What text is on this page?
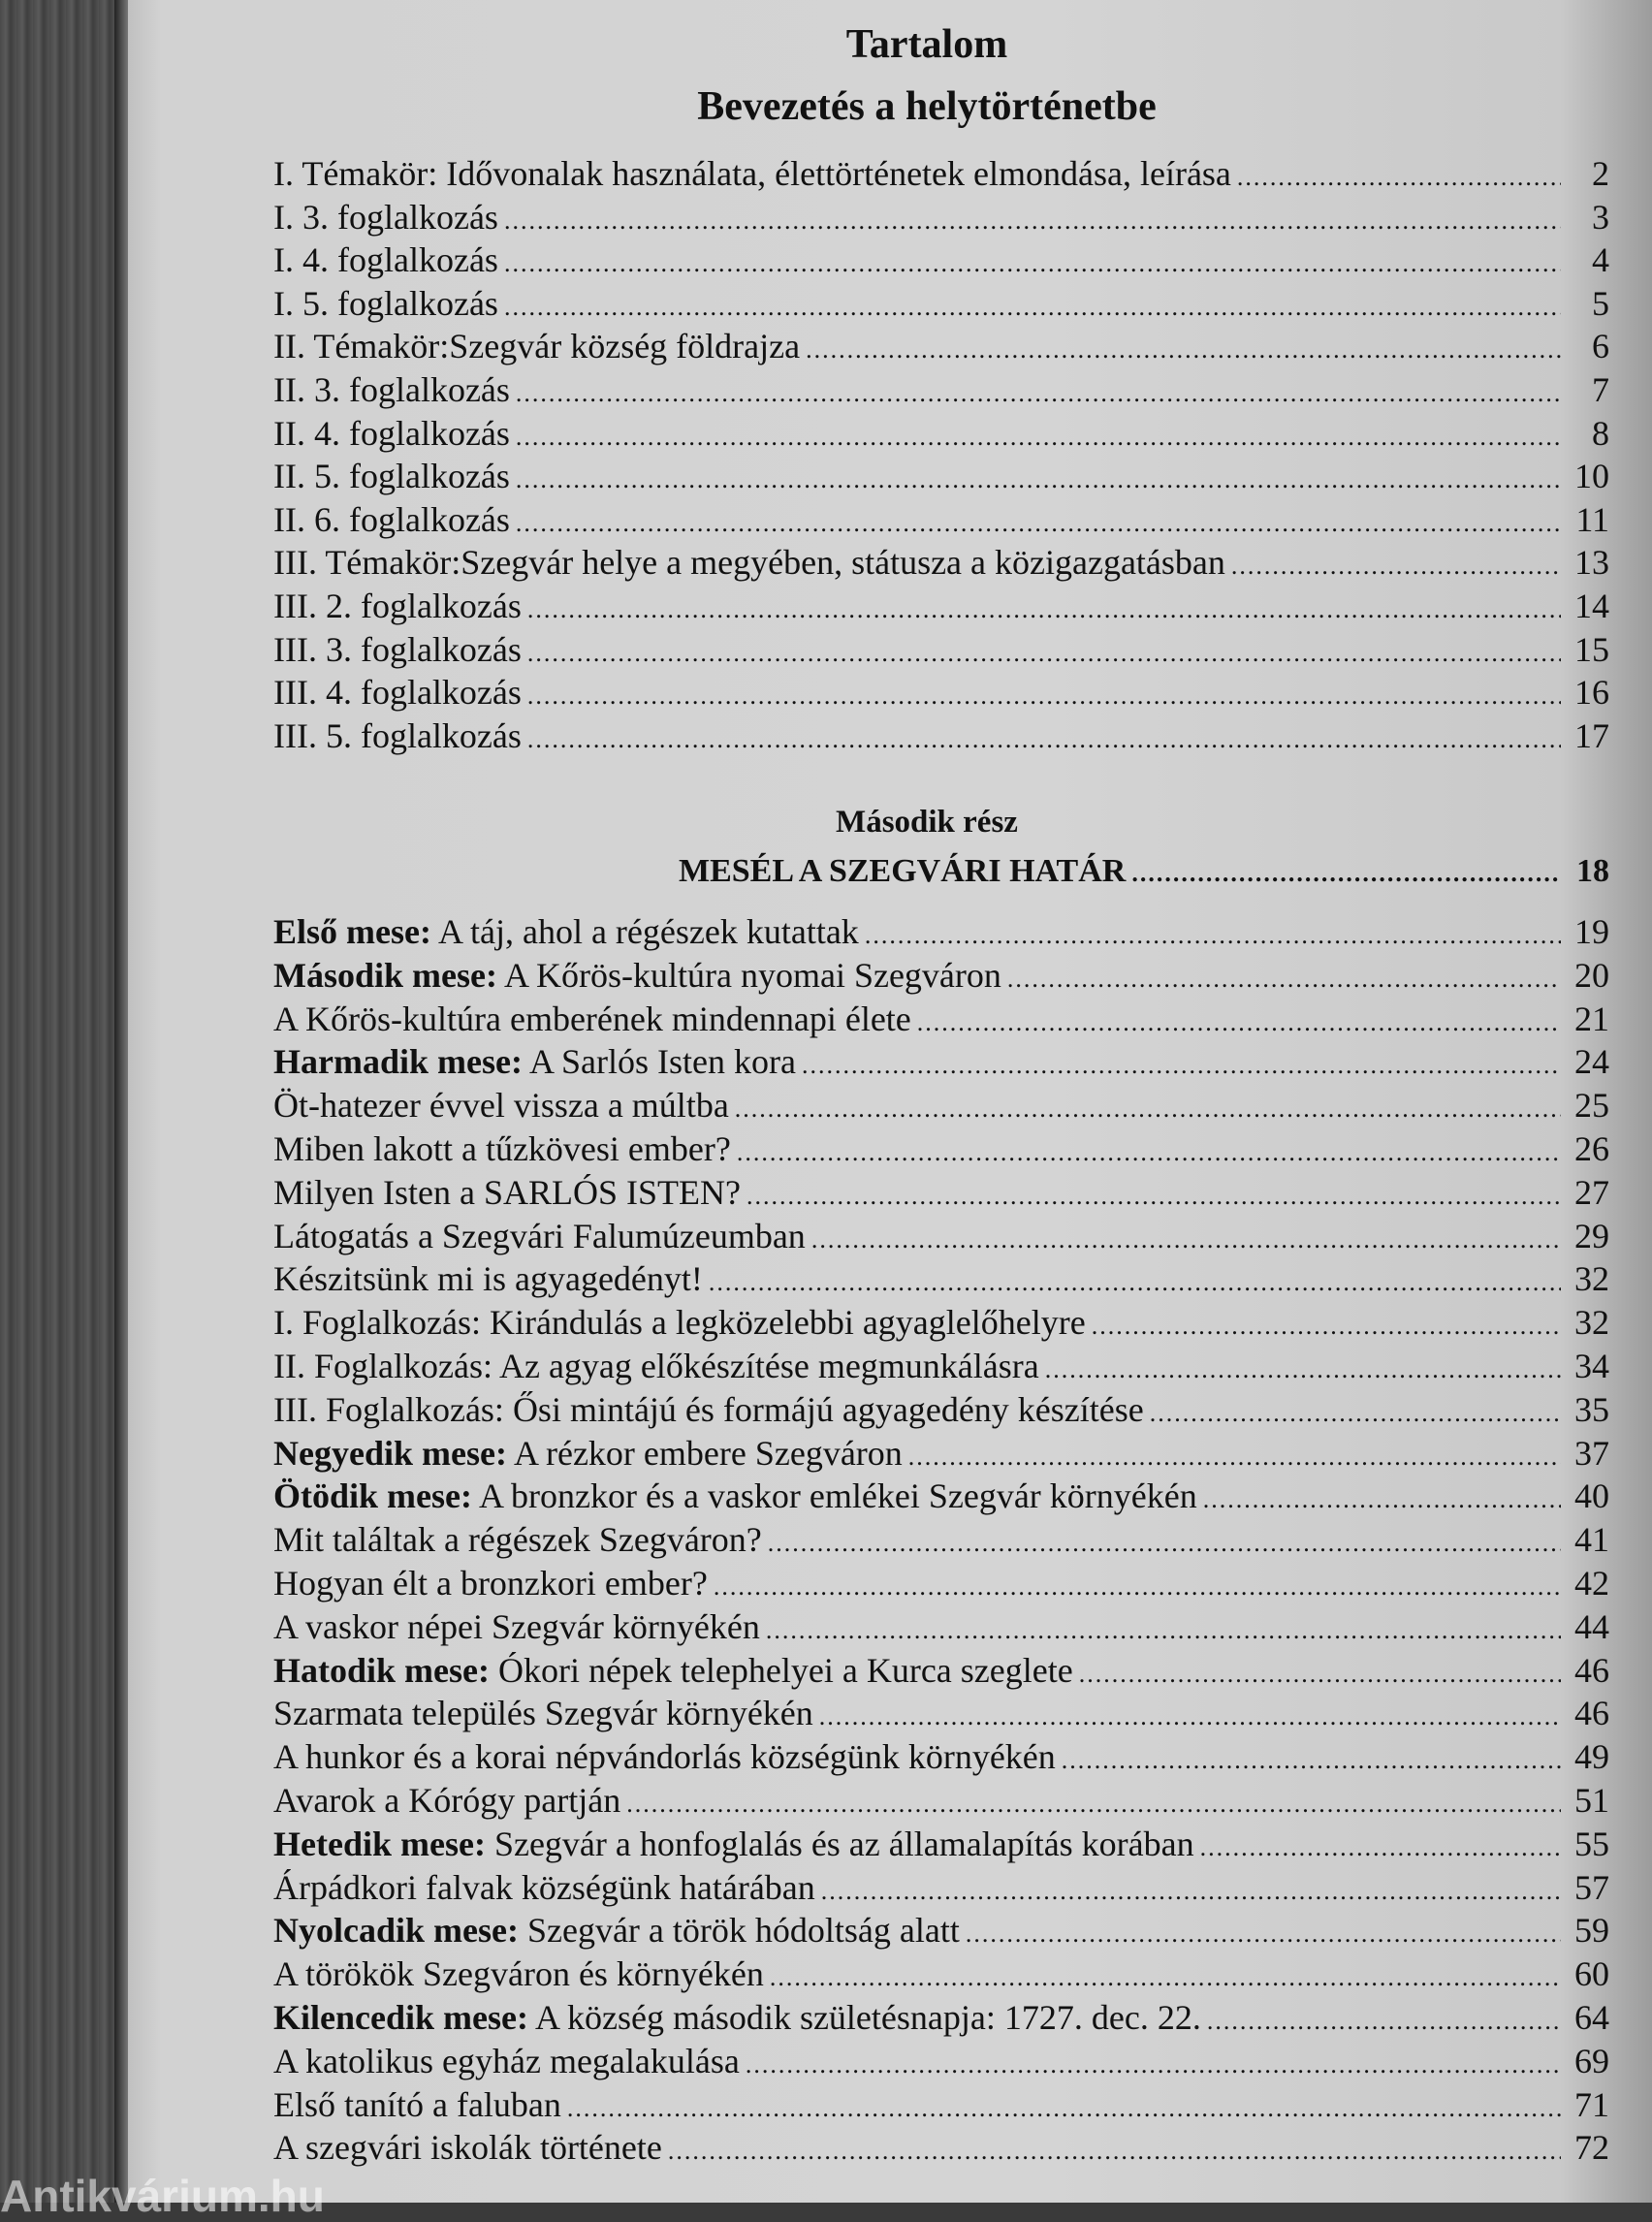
Tartalom
Bevezetés a helytörténetbe
Második rész
MESÉL A SZEGVÁRI HATÁR .....	18
I. Témakör: Idővonalak használata, élettörténetek elmondása, leírása .....	2
I. 3. foglalkozás .....	3
I. 4. foglalkozás .....	4
I. 5. foglalkozás .....	5
II. Témakör:Szegvár község földrajza .....	6
II. 3. foglalkozás .....	7
II. 4. foglalkozás .....	8
II. 5. foglalkozás .....	10
II. 6. foglalkozás .....	11
III. Témakör:Szegvár helye a megyében, státusza a közigazgatásban .....	13
III. 2. foglalkozás .....	14
III. 3. foglalkozás .....	15
III. 4. foglalkozás .....	16
III. 5. foglalkozás .....	17
Első mese: A táj, ahol a régészek kutattak .....	19
Második mese: A Kőrös-kultúra nyomai Szegváron .....	20
A Kőrös-kultúra emberének mindennapi élete .....	21
Harmadik mese: A Sarlós Isten kora .....	24
Öt-hatezer évvel vissza a múltba .....	25
Miben lakott a tűzkövesi ember? .....	26
Milyen Isten a SARLÓS ISTEN? .....	27
Látogatás a Szegvári Falumúzeumban .....	29
Készitsünk mi is agyagedényt! .....	32
I. Foglalkozás: Kirándulás a legközelebbi agyaglelőhelyre .....	32
II. Foglalkozás: Az agyag előkészítése megmunkálásra .....	34
III. Foglalkozás: Ősi mintájú és formájú agyagedény készítése .....	35
Negyedik mese: A rézkor embere Szegváron .....	37
Ötödik mese: A bronzkor és a vaskor emlékei Szegvár környékén .....	40
Mit találtak a régészek Szegváron? .....	41
Hogyan élt a bronzkori ember? .....	42
A vaskor népei Szegvár környékén .....	44
Hatodik mese: Ókori népek telephelyei a Kurca szeglete .....	46
Szarmata település Szegvár környékén .....	46
A hunkor és a korai népvándorlás községünk környékén .....	49
Avarok a Kórógy partján .....	51
Hetedik mese: Szegvár a honfoglalás és az államalapítás korában .....	55
Árpádkori falvak községünk határában .....	57
Nyolcadik mese: Szegvár a török hódoltság alatt .....	59
A törökök Szegváron és környékén .....	60
Kilencedik mese: A község második születésnapja: 1727. dec. 22. .....	64
A katolikus egyház megalakulása .....	69
Első tanító a faluban .....	71
A szegvári iskolák története .....	72
Antikvárium.hu
